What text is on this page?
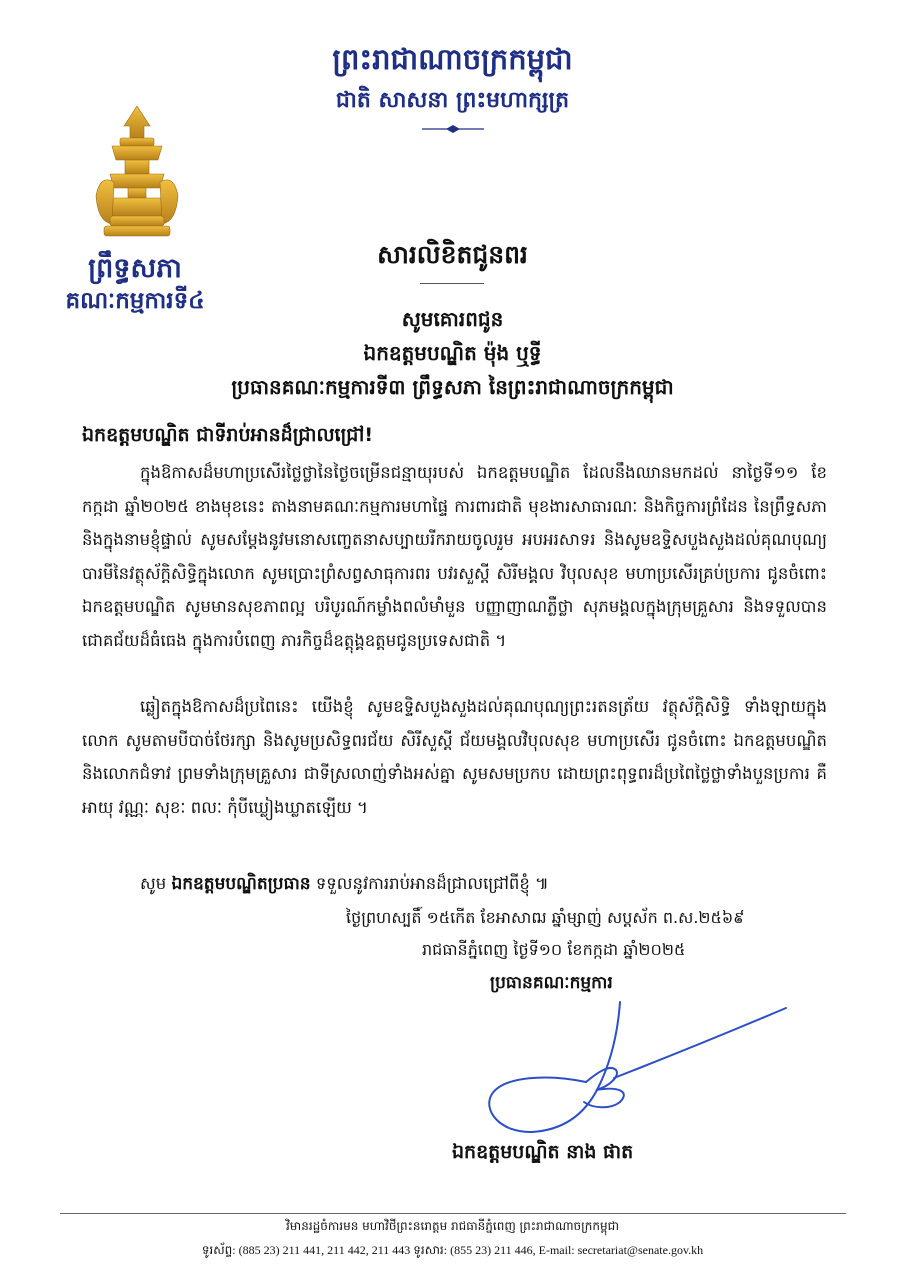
ព្រះរាជាណាចក្រកម្ពុជា
ជាតិ សាសនា ព្រះមហាក្សត្រ
ព្រឹទ្ធសភា
គណៈកម្មការទី៤
សារលិខិតជូនពរ
សូមគោរពជូន
ឯកឧត្តមបណ្ឌិត ម៉ុង ឬទ្ធី
ប្រធានគណៈកម្មការទី៣ ព្រឹទ្ធសភា នៃព្រះរាជាណាចក្រកម្ពុជា
ឯកឧត្តមបណ្ឌិត ជាទីរាប់អានដ៏ជ្រាលជ្រៅ!
ក្នុងឱកាសដ៏មហាប្រសើរថ្លៃថ្លានៃថ្ងៃចម្រើនជន្មាយុរបស់ ឯកឧត្តមបណ្ឌិត ដែលនឹងឈានមកដល់ នាថ្ងៃទី១១ ខែកក្កដា ឆ្នាំ២០២៥ ខាងមុខនេះ តាងនាមគណៈកម្មការមហាផ្ទៃ ការពារជាតិ មុខងារសាធារណៈ និងកិច្ចការព្រំដែន នៃព្រឹទ្ធសភា និងក្នុងនាមខ្ញុំផ្ទាល់ សូមសម្តែងនូវមនោសញ្ចេតនាសប្បាយរីករាយចូលរួម អបអរសាទរ និងសូមឧទ្ទិសបួងសួងដល់គុណបុណ្យបារមីនៃវត្ថុស័ក្តិសិទ្ធិក្នុងលោក សូមប្រោះព្រំសព្វសាធុការពរ បវរសួស្តី សិរីមង្គល វិបុលសុខ មហាប្រសើរគ្រប់ប្រការ ជូនចំពោះ ឯកឧត្តមបណ្ឌិត សូមមានសុខភាពល្អ បរិបូរណ៍កម្លាំងពលំមាំមួន បញ្ញាញាណភ្លឺថ្លា សុភមង្គលក្នុងក្រុមគ្រួសារ និងទទួលបានជោគជ័យដ៏ធំធេង ក្នុងការបំពេញ ភារកិច្ចដ៏ឧត្តុង្គឧត្តមជូនប្រទេសជាតិ ។
ឆ្លៀតក្នុងឱកាសដ៏ប្រពៃនេះ យើងខ្ញុំ សូមឧទ្ទិសបួងសួងដល់គុណបុណ្យព្រះរតនត្រ័យ វត្ថុស័ក្តិសិទ្ធិ ទាំងឡាយក្នុងលោក សូមតាមបីបាច់ថែរក្សា និងសូមប្រសិទ្ធពរជ័យ សិរីសួស្តី ជ័យមង្គលវិបុលសុខ មហាប្រសើរ ជូនចំពោះ ឯកឧត្តមបណ្ឌិត និងលោកជំទាវ ព្រមទាំងក្រុមគ្រួសារ ជាទីស្រលាញ់ទាំងអស់គ្នា សូមសមប្រកប ដោយព្រះពុទ្ធពរដ៏ប្រពៃថ្លៃថ្លាទាំងបួនប្រការ គឺអាយុ វណ្ណៈ សុខៈ ពលៈ កុំបីឃ្លៀងឃ្លាតឡើយ ។
សូម ឯកឧត្តមបណ្ឌិតប្រធាន ទទួលនូវការរាប់អានដ៏ជ្រាលជ្រៅពីខ្ញុំ ៕
ថ្ងៃព្រហស្បតិ៍ ១៥កើត ខែអាសាឍ ឆ្នាំម្សាញ់ សប្តស័ក ព.ស.២៥៦៩
រាជធានីភ្នំពេញ ថ្ងៃទី១០ ខែកក្កដា ឆ្នាំ២០២៥
ប្រធានគណៈកម្មការ
ឯកឧត្តមបណ្ឌិត នាង ផាត
វិមានរដ្ឋចំការមន មហាវិថីព្រះនរោត្តម រាជធានីភ្នំពេញ ព្រះរាជាណាចក្រកម្ពុជា
ទូរស័ព្ទ: (885 23) 211 441, 211 442, 211 443 ទូរសារ: (855 23) 211 446, E-mail: secretariat@senate.gov.kh
